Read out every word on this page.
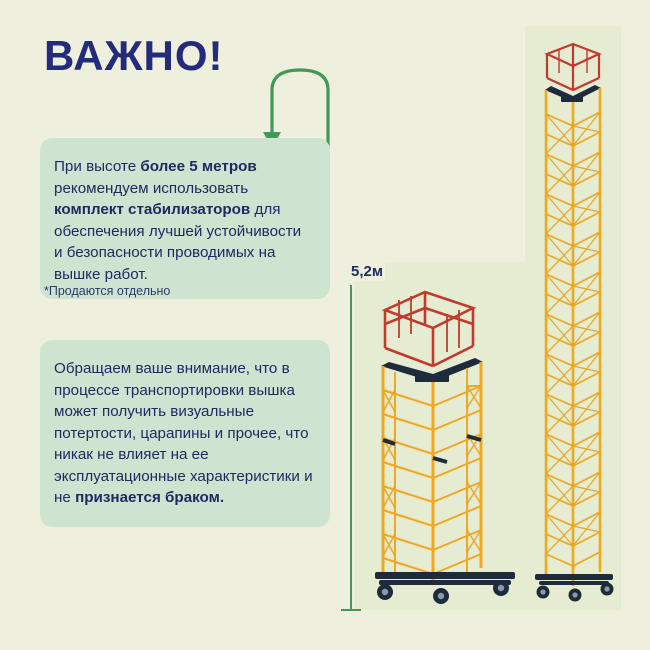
ВАЖНО!

При высоте более 5 метров рекомендуем использовать комплект стабилизаторов для обеспечения лучшей устойчивости и безопасности проводимых на вышке работ.

*Продаются отдельно

Обращаем ваше внимание, что в процессе транспортировки вышка может получить визуальные потертости, царапины и прочее, что никак не влияет на ее эксплуатационные характеристики и не признается браком.

5,2м
